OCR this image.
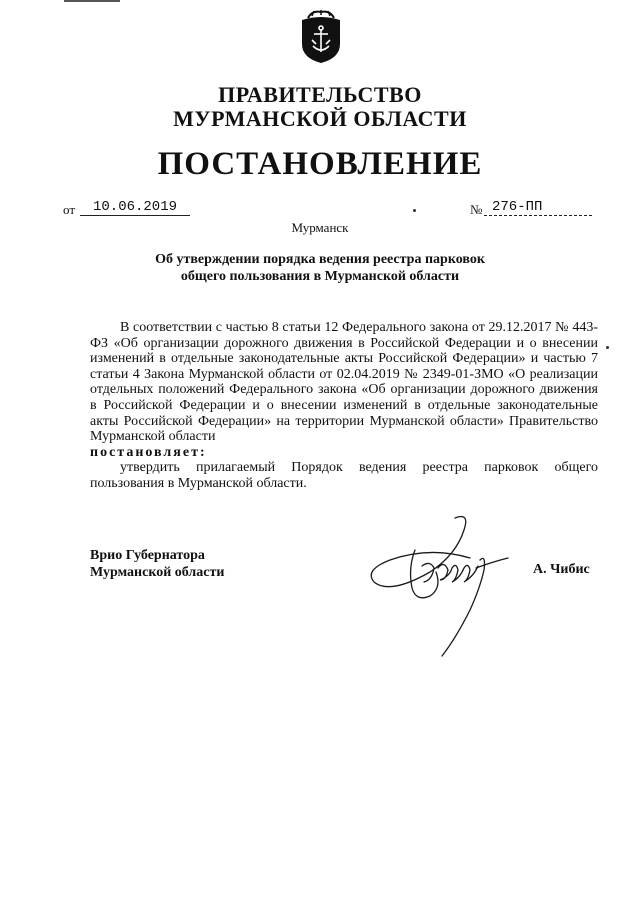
ПРАВИТЕЛЬСТВО
МУРМАНСКОЙ ОБЛАСТИ
ПОСТАНОВЛЕНИЕ
от	10.06.2019	№ 276-ПП
Мурманск
Об утверждении порядка ведения реестра парковок
общего пользования в Мурманской области

В соответствии с частью 8 статьи 12 Федерального закона от 29.12.2017 № 443-ФЗ «Об организации дорожного движения в Российской Федерации и о внесении изменений в отдельные законодательные акты Российской Федерации» и частью 7 статьи 4 Закона Мурманской области от 02.04.2019 № 2349-01-ЗМО «О реализации отдельных положений Федерального закона «Об организации дорожного движения в Российской Федерации и о внесении изменений в отдельные законодательные акты Российской Федерации» на территории Мурманской области» Правительство Мурманской области

постановляет:

утвердить прилагаемый Порядок ведения реестра парковок общего пользования в Мурманской области.

Врио Губернатора
Мурманской области	А. Чибис
